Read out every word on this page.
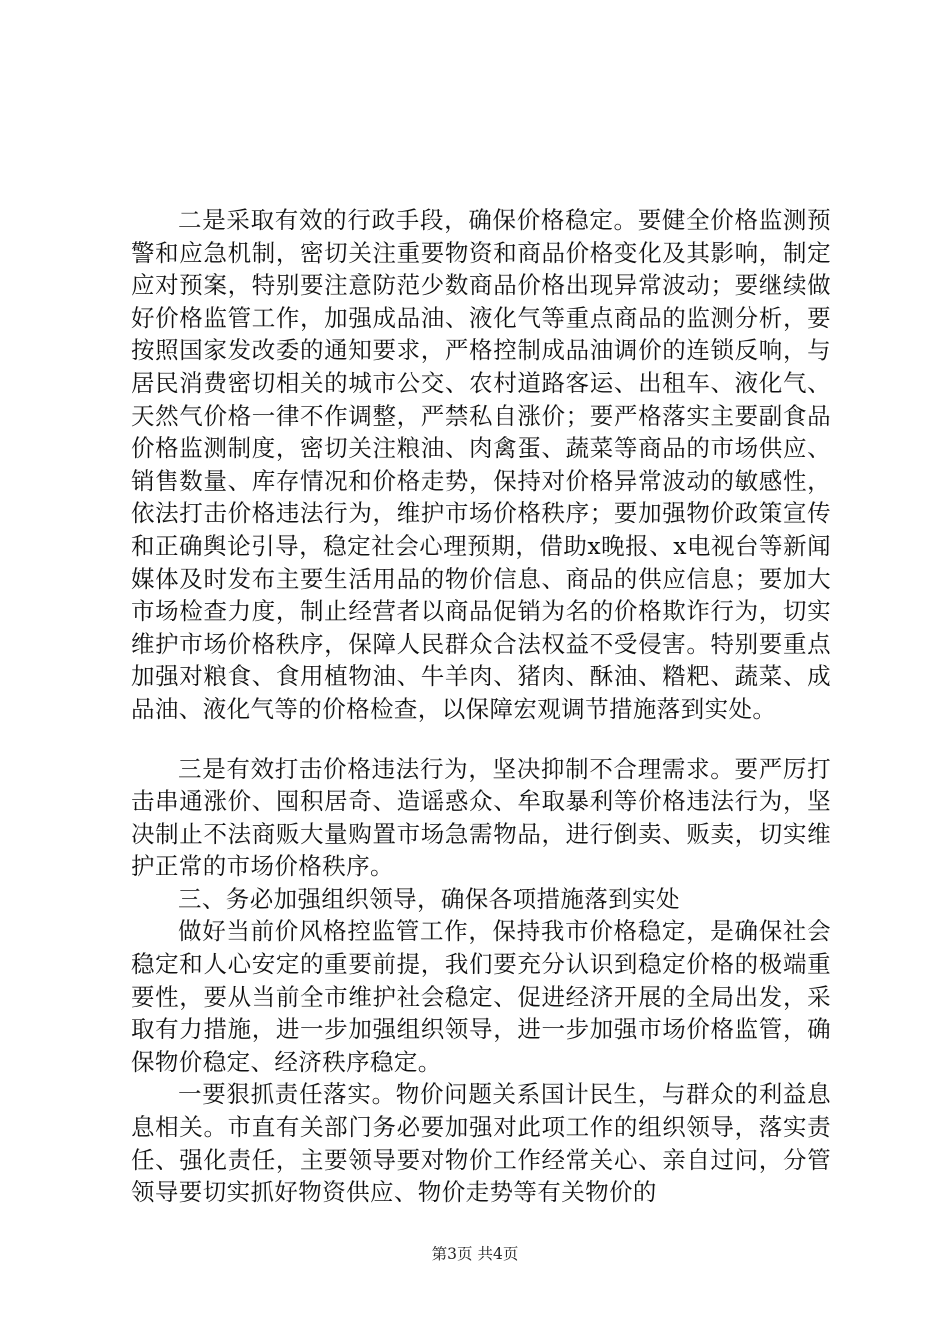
二是采取有效的行政手段，确保价格稳定。要健全价格监测预警和应急机制，密切关注重要物资和商品价格变化及其影响，制定应对预案，特别要注意防范少数商品价格出现异常波动；要继续做好价格监管工作，加强成品油、液化气等重点商品的监测分析，要按照国家发改委的通知要求，严格控制成品油调价的连锁反响，与居民消费密切相关的城市公交、农村道路客运、出租车、液化气、天然气价格一律不作调整，严禁私自涨价；要严格落实主要副食品价格监测制度，密切关注粮油、肉禽蛋、蔬菜等商品的市场供应、销售数量、库存情况和价格走势，保持对价格异常波动的敏感性，依法打击价格违法行为，维护市场价格秩序；要加强物价政策宣传和正确舆论引导，稳定社会心理预期，借助x晚报、x电视台等新闻媒体及时发布主要生活用品的物价信息、商品的供应信息；要加大市场检查力度，制止经营者以商品促销为名的价格欺诈行为，切实维护市场价格秩序，保障人民群众合法权益不受侵害。特别要重点加强对粮食、食用植物油、牛羊肉、猪肉、酥油、糌粑、蔬菜、成品油、液化气等的价格检查，以保障宏观调节措施落到实处。

三是有效打击价格违法行为，坚决抑制不合理需求。要严厉打击串通涨价、囤积居奇、造谣惑众、牟取暴利等价格违法行为，坚决制止不法商贩大量购置市场急需物品，进行倒卖、贩卖，切实维护正常的市场价格秩序。

三、务必加强组织领导，确保各项措施落到实处

做好当前价风格控监管工作，保持我市价格稳定，是确保社会稳定和人心安定的重要前提，我们要充分认识到稳定价格的极端重要性，要从当前全市维护社会稳定、促进经济开展的全局出发，采取有力措施，进一步加强组织领导，进一步加强市场价格监管，确保物价稳定、经济秩序稳定。

一要狠抓责任落实。物价问题关系国计民生，与群众的利益息息相关。市直有关部门务必要加强对此项工作的组织领导，落实责任、强化责任，主要领导要对物价工作经常关心、亲自过问，分管领导要切实抓好物资供应、物价走势等有关物价的

第3页 共4页
